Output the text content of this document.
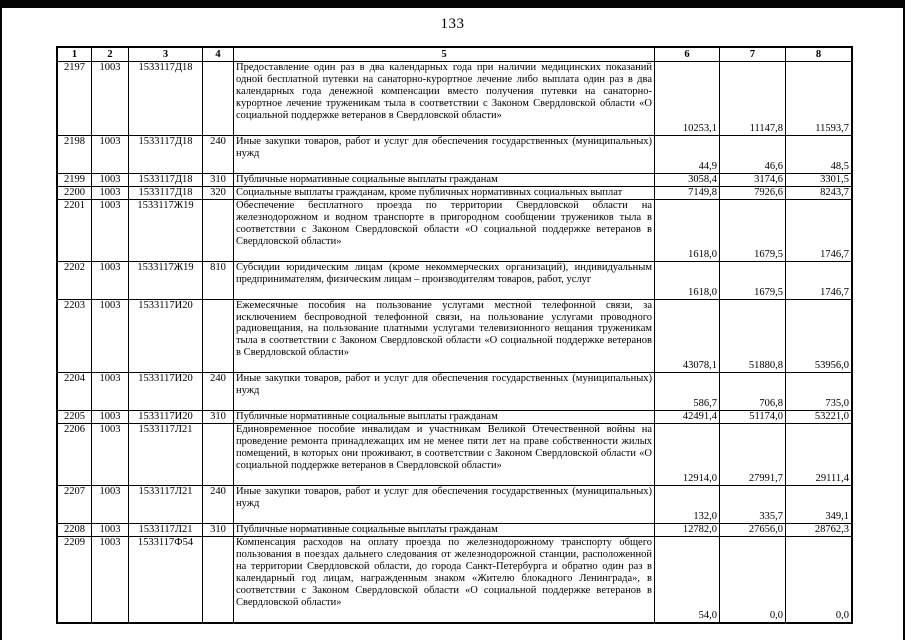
133
1	2	3	4	5	6	7	8
2197	1003	1533117Д18		Предоставление один раз в два календарных года при наличии медицинских показаний одной бесплатной путевки на санаторно-курортное лечение либо выплата один раз в два календарных года денежной компенсации вместо получения путевки на санаторно-курортное лечение труженикам тыла в соответствии с Законом Свердловской области «О социальной поддержке ветеранов в Свердловской области»	10253,1	11147,8	11593,7
2198	1003	1533117Д18	240	Иные закупки товаров, работ и услуг для обеспечения государственных (муниципальных) нужд	44,9	46,6	48,5
2199	1003	1533117Д18	310	Публичные нормативные социальные выплаты гражданам	3058,4	3174,6	3301,5
2200	1003	1533117Д18	320	Социальные выплаты гражданам, кроме публичных нормативных социальных выплат	7149,8	7926,6	8243,7
2201	1003	1533117Ж19		Обеспечение бесплатного проезда по территории Свердловской области на железнодорожном и водном транспорте в пригородном сообщении тружеников тыла в соответствии с Законом Свердловской области «О социальной поддержке ветеранов в Свердловской области»	1618,0	1679,5	1746,7
2202	1003	1533117Ж19	810	Субсидии юридическим лицам (кроме некоммерческих организаций), индивидуальным предпринимателям, физическим лицам – производителям товаров, работ, услуг	1618,0	1679,5	1746,7
2203	1003	1533117И20		Ежемесячные пособия на пользование услугами местной телефонной связи, за исключением беспроводной телефонной связи, на пользование услугами проводного радиовещания, на пользование платными услугами телевизионного вещания труженикам тыла в соответствии с Законом Свердловской области «О социальной поддержке ветеранов в Свердловской области»	43078,1	51880,8	53956,0
2204	1003	1533117И20	240	Иные закупки товаров, работ и услуг для обеспечения государственных (муниципальных) нужд	586,7	706,8	735,0
2205	1003	1533117И20	310	Публичные нормативные социальные выплаты гражданам	42491,4	51174,0	53221,0
2206	1003	1533117Л21		Единовременное пособие инвалидам и участникам Великой Отечественной войны на проведение ремонта принадлежащих им не менее пяти лет на праве собственности жилых помещений, в которых они проживают, в соответствии с Законом Свердловской области «О социальной поддержке ветеранов в Свердловской области»	12914,0	27991,7	29111,4
2207	1003	1533117Л21	240	Иные закупки товаров, работ и услуг для обеспечения государственных (муниципальных) нужд	132,0	335,7	349,1
2208	1003	1533117Л21	310	Публичные нормативные социальные выплаты гражданам	12782,0	27656,0	28762,3
2209	1003	1533117Ф54		Компенсация расходов на оплату проезда по железнодорожному транспорту общего пользования в поездах дальнего следования от железнодорожной станции, расположенной на территории Свердловской области, до города Санкт-Петербурга и обратно один раз в календарный год лицам, награжденным знаком «Жителю блокадного Ленинграда», в соответствии с Законом Свердловской области «О социальной поддержке ветеранов в Свердловской области»	54,0	0,0	0,0
